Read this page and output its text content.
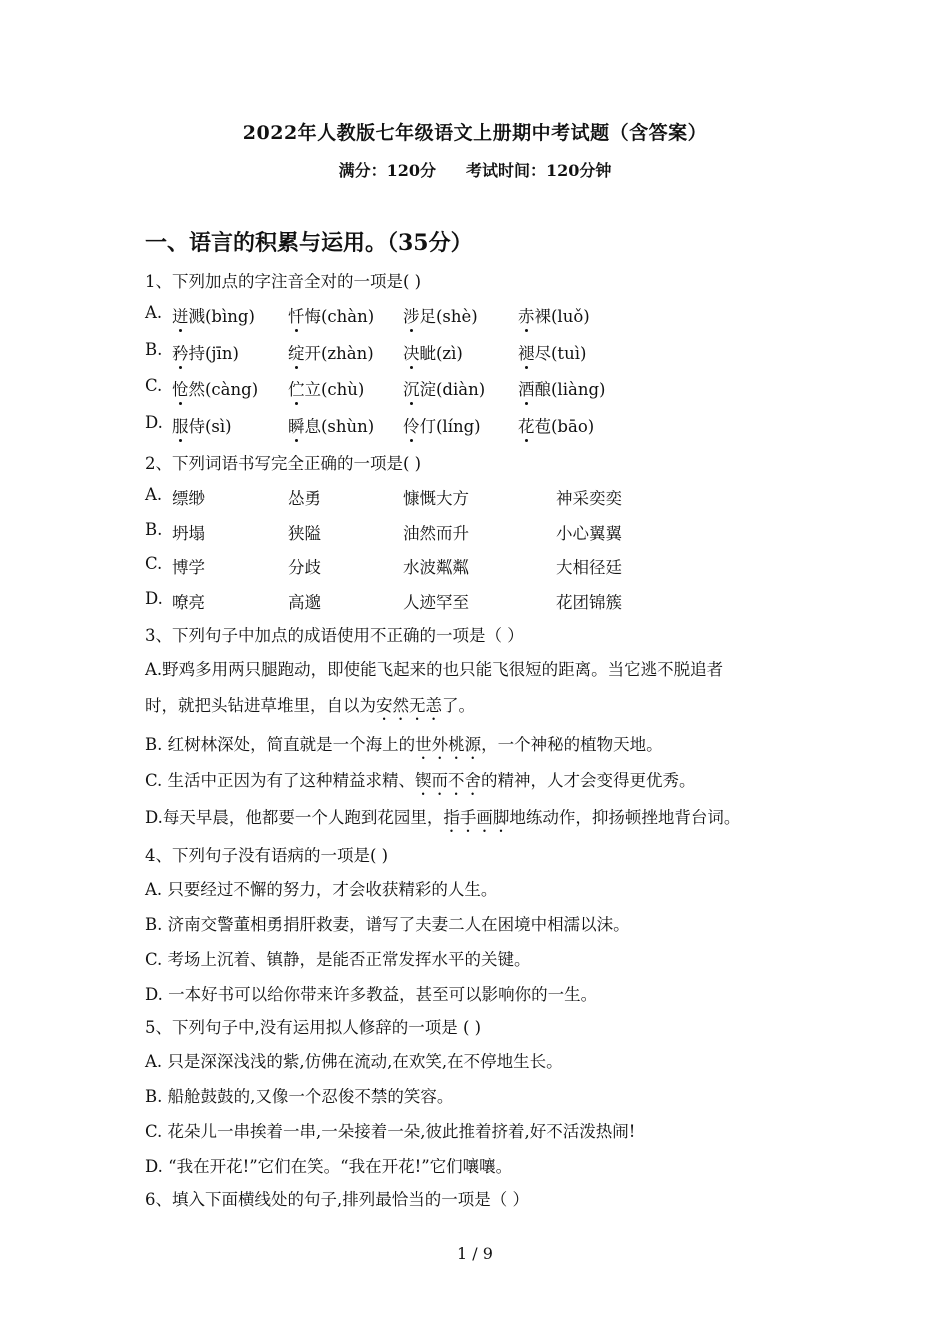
2022年人教版七年级语文上册期中考试题（含答案）
满分：120分 考试时间：120分钟
一、语言的积累与运用。（35分）
1、下列加点的字注音全对的一项是( )
A. 迸溅(bìng) 忏悔(chàn) 涉足(shè) 赤裸(luǒ)
B. 矜持(jīn)	绽开(zhàn) 决眦(zì)	褪尽(tuì)
C. 怆然(càng) 伫立(chù) 沉淀(diàn) 酒酿(liàng)
D. 服侍(sì)	瞬息(shùn) 伶仃(líng) 花苞(bāo)
2、下列词语书写完全正确的一项是( )
A. 缥缈	怂勇	慷慨大方	神采奕奕
B. 坍塌	狭隘	油然而升	小心翼翼
C. 博学	分歧	水波粼粼	大相径廷
D. 嘹亮	高邈	人迹罕至	花团锦簇
3、下列句子中加点的成语使用不正确的一项是（ ）
A.野鸡多用两只腿跑动，即使能飞起来的也只能飞很短的距离。当它逃不脱追者
时，就把头钻进草堆里，自以为安然无恙了。
B. 红树林深处，简直就是一个海上的世外桃源，一个神秘的植物天地。
C. 生活中正因为有了这种精益求精、锲而不舍的精神，人才会变得更优秀。
D.每天早晨，他都要一个人跑到花园里，指手画脚地练动作，抑扬顿挫地背台词。
4、下列句子没有语病的一项是( )
A. 只要经过不懈的努力，才会收获精彩的人生。
B. 济南交警董相勇捐肝救妻，谱写了夫妻二人在困境中相濡以沫。
C. 考场上沉着、镇静，是能否正常发挥水平的关键。
D. 一本好书可以给你带来许多教益，甚至可以影响你的一生。
5、下列句子中,没有运用拟人修辞的一项是 ( )
A. 只是深深浅浅的紫,仿佛在流动,在欢笑,在不停地生长。
B. 船舱鼓鼓的,又像一个忍俊不禁的笑容。
C. 花朵儿一串挨着一串,一朵接着一朵,彼此推着挤着,好不活泼热闹!
D. “我在开花!”它们在笑。“我在开花!”它们嚷嚷。
6、填入下面横线处的句子,排列最恰当的一项是（ ）
1 / 9
